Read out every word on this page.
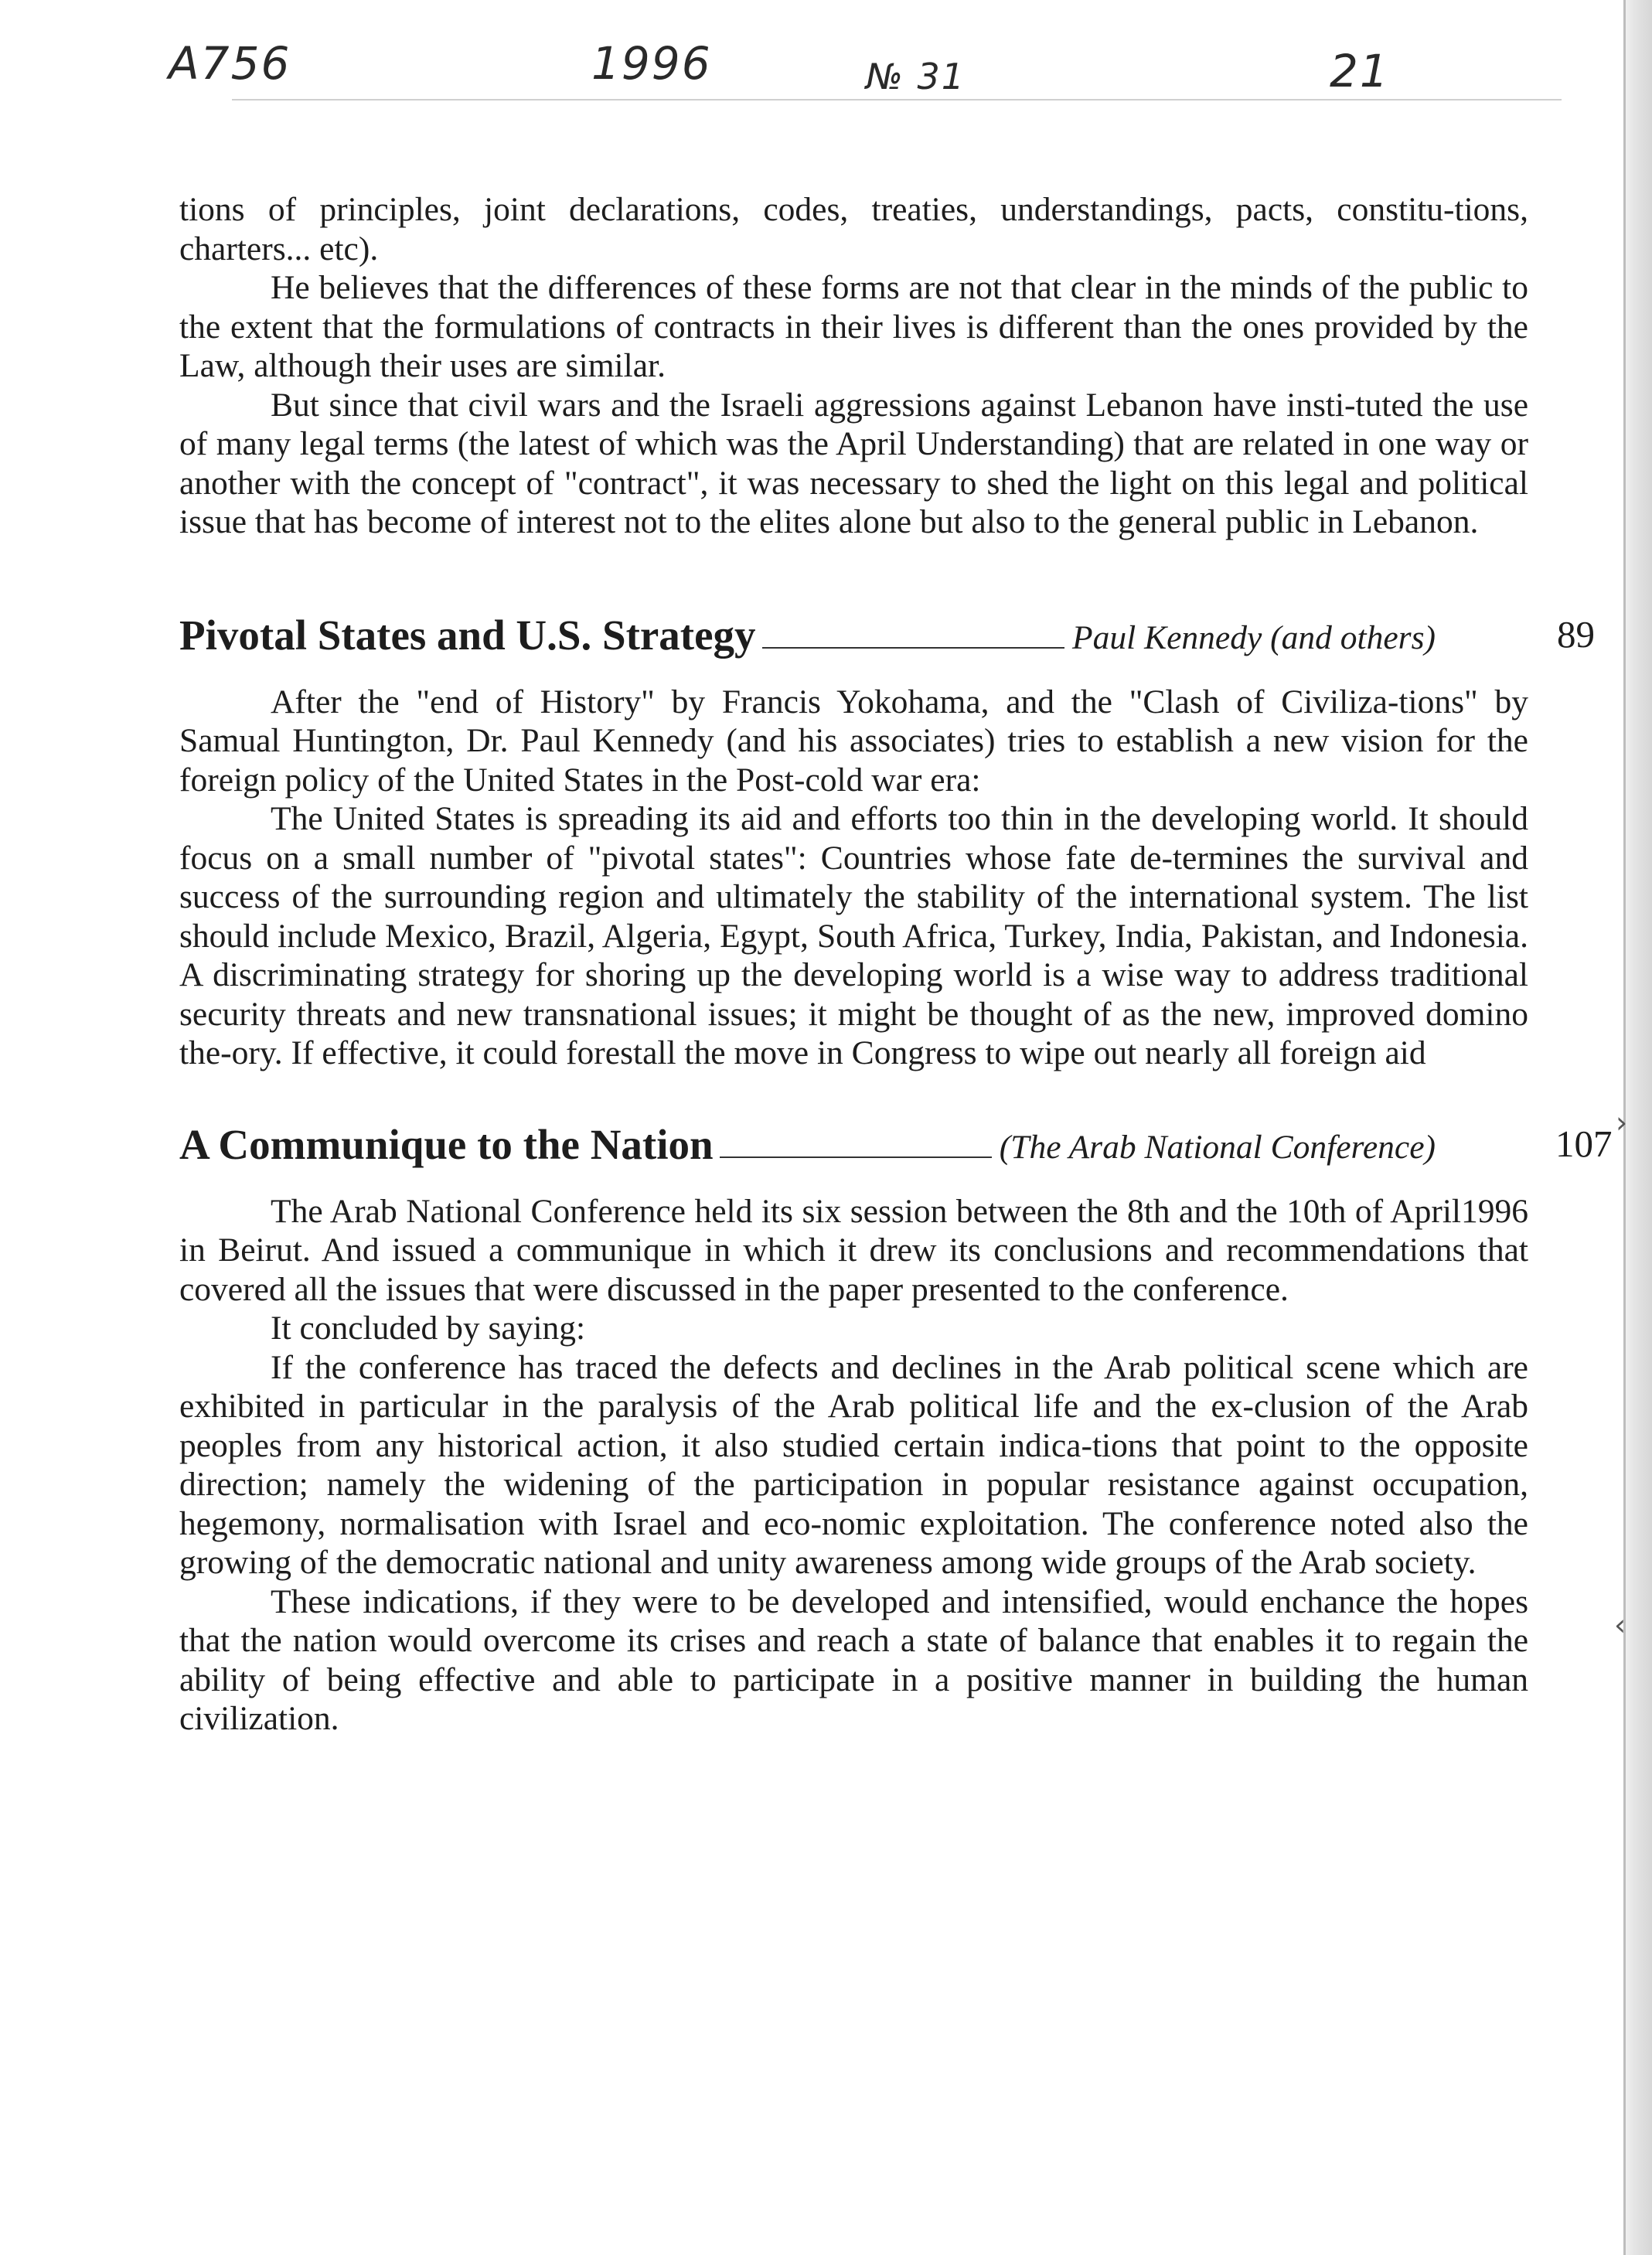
A756	1996	№ 31	21
›
‹

tions of principles, joint declarations, codes, treaties, understandings, pacts, constitu-tions, charters... etc).

He believes that the differences of these forms are not that clear in the minds of the public to the extent that the formulations of contracts in their lives is different than the ones provided by the Law, although their uses are similar.

But since that civil wars and the Israeli aggressions against Lebanon have insti-tuted the use of many legal terms (the latest of which was the April Understanding) that are related in one way or another with the concept of "contract", it was necessary to shed the light on this legal and political issue that has become of interest not to the elites alone but also to the general public in Lebanon.

Pivotal States and U.S. Strategy	Paul Kennedy (and others)	89

After the "end of History" by Francis Yokohama, and the "Clash of Civiliza-tions" by Samual Huntington, Dr. Paul Kennedy (and his associates) tries to establish a new vision for the foreign policy of the United States in the Post-cold war era:

The United States is spreading its aid and efforts too thin in the developing world. It should focus on a small number of "pivotal states": Countries whose fate de-termines the survival and success of the surrounding region and ultimately the stability of the international system. The list should include Mexico, Brazil, Algeria, Egypt, South Africa, Turkey, India, Pakistan, and Indonesia. A discriminating strategy for shoring up the developing world is a wise way to address traditional security threats and new transnational issues; it might be thought of as the new, improved domino the-ory. If effective, it could forestall the move in Congress to wipe out nearly all foreign aid

A Communique to the Nation	(The Arab National Conference)	107

The Arab National Conference held its six session between the 8th and the 10th of April1996 in Beirut. And issued a communique in which it drew its conclusions and recommendations that covered all the issues that were discussed in the paper presented to the conference.

It concluded by saying:

If the conference has traced the defects and declines in the Arab political scene which are exhibited in particular in the paralysis of the Arab political life and the ex-clusion of the Arab peoples from any historical action, it also studied certain indica-tions that point to the opposite direction; namely the widening of the participation in popular resistance against occupation, hegemony, normalisation with Israel and eco-nomic exploitation. The conference noted also the growing of the democratic national and unity awareness among wide groups of the Arab society.

These indications, if they were to be developed and intensified, would enchance the hopes that the nation would overcome its crises and reach a state of balance that enables it to regain the ability of being effective and able to participate in a positive manner in building the human civilization.
